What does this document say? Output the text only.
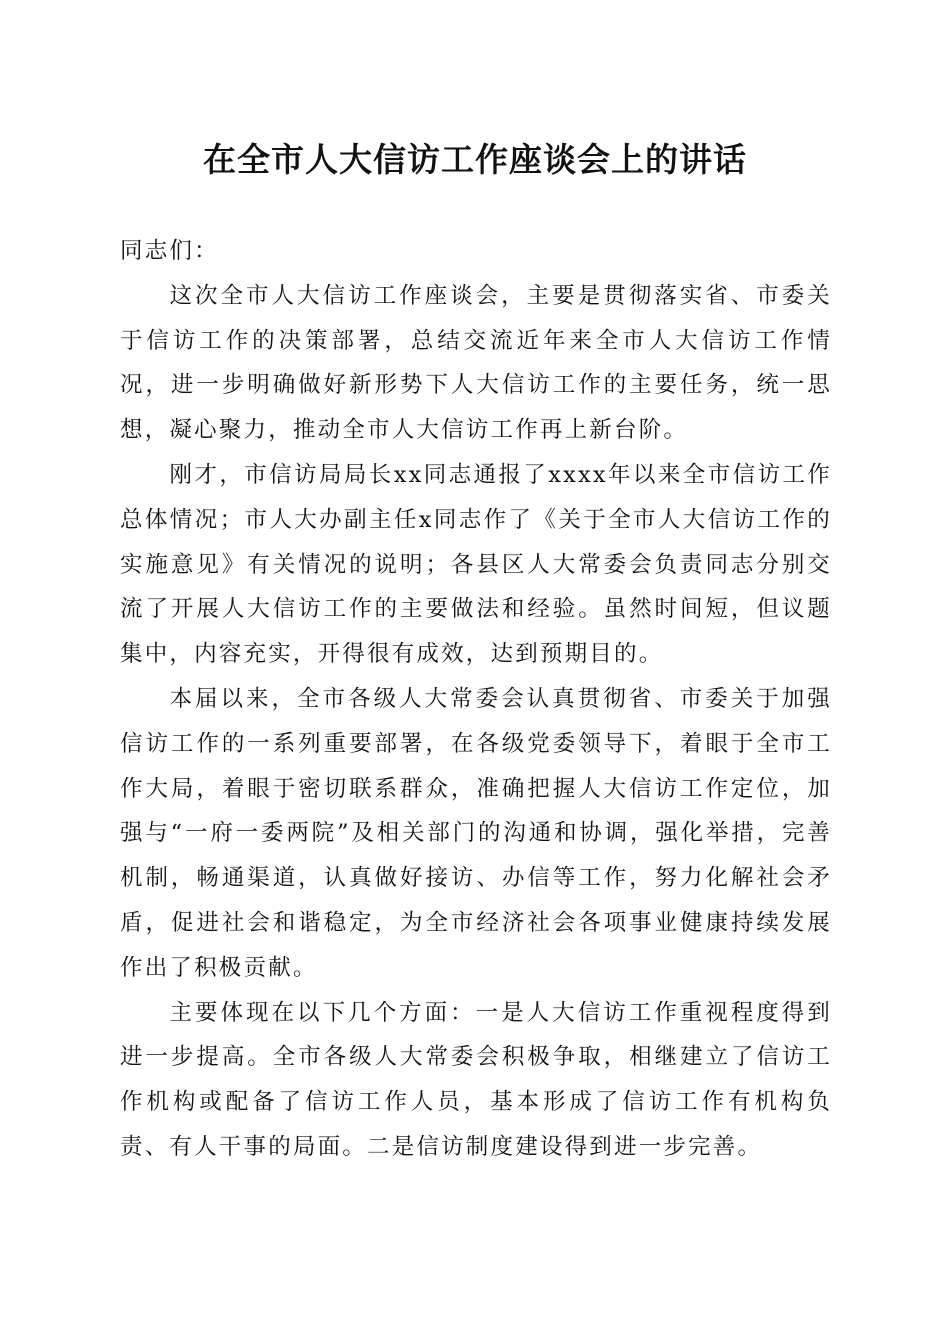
在全市人大信访工作座谈会上的讲话

同志们：

这次全市人大信访工作座谈会，主要是贯彻落实省、市委关于信访工作的决策部署，总结交流近年来全市人大信访工作情况，进一步明确做好新形势下人大信访工作的主要任务，统一思想，凝心聚力，推动全市人大信访工作再上新台阶。

刚才，市信访局局长xx同志通报了xxxx年以来全市信访工作总体情况；市人大办副主任x同志作了《关于全市人大信访工作的实施意见》有关情况的说明；各县区人大常委会负责同志分别交流了开展人大信访工作的主要做法和经验。虽然时间短，但议题集中，内容充实，开得很有成效，达到预期目的。

本届以来，全市各级人大常委会认真贯彻省、市委关于加强信访工作的一系列重要部署，在各级党委领导下，着眼于全市工作大局，着眼于密切联系群众，准确把握人大信访工作定位，加强与“一府一委两院”及相关部门的沟通和协调，强化举措，完善机制，畅通渠道，认真做好接访、办信等工作，努力化解社会矛盾，促进社会和谐稳定，为全市经济社会各项事业健康持续发展作出了积极贡献。

主要体现在以下几个方面：一是人大信访工作重视程度得到进一步提高。全市各级人大常委会积极争取，相继建立了信访工作机构或配备了信访工作人员，基本形成了信访工作有机构负责、有人干事的局面。二是信访制度建设得到进一步完善。
